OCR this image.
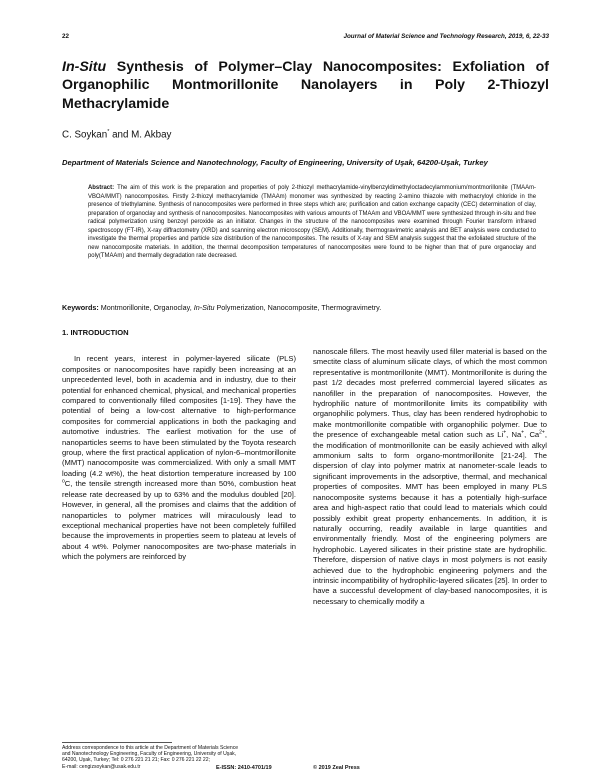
22	Journal of Material Science and Technology Research, 2019, 6, 22-33
In-Situ Synthesis of Polymer–Clay Nanocomposites: Exfoliation of Organophilic Montmorillonite Nanolayers in Poly 2-Thiozyl Methacrylamide
C. Soykan* and M. Akbay
Department of Materials Science and Nanotechnology, Faculty of Engineering, University of Uşak, 64200-Uşak, Turkey
Abstract: The aim of this work is the preparation and properties of poly 2-thiozyl methacrylamide-vinylbenzyldimethyloctadecylammonium/montmorillonite (TMAAm-VBOA/MMT) nanocomposites. Firstly 2-thiozyl methacrylamide (TMAAm) monomer was synthesized by reacting 2-amino thiazole with methacryloyl chloride in the presence of triethylamine. Synthesis of nanocomposites were performed in three steps which are; purification and cation exchange capacity (CEC) determination of clay, preparation of organoclay and synthesis of nanocomposites. Nanocomposites with various amounts of TMAAm and VBOA/MMT were synthesized through in-situ and free radical polymerization using benzoyl peroxide as an initiator. Changes in the structure of the nanocomposites were examined through Fourier transform infrared spectroscopy (FT-IR), X-ray diffractometry (XRD) and scanning electron microscopy (SEM). Additionally, thermogravimetric analysis and BET analysis were conducted to investigate the thermal properties and particle size distribution of the nanocomposites. The results of X-ray and SEM analysis suggest that the exfoliated structure of the new nanocomposite materials. In addition, the thermal decomposition temperatures of nanocomposites were found to be higher than that of pure organoclay and poly(TMAAm) and thermally degradation rate decreased.
Keywords: Montmorillonite, Organoclay, In-Situ Polymerization, Nanocomposite, Thermogravimetry.
1. INTRODUCTION

In recent years, interest in polymer-layered silicate (PLS) composites or nanocomposites have rapidly been increasing at an unprecedented level, both in academia and in industry, due to their potential for enhanced chemical, physical, and mechanical properties compared to conventionally filled composites [1-19]. They have the potential of being a low-cost alternative to high-performance composites for commercial applications in both the packaging and automotive industries. The earliest motivation for the use of nanoparticles seems to have been stimulated by the Toyota research group, where the first practical application of nylon-6–montmorillonite (MMT) nanocomposite was commercialized. With only a small MMT loading (4.2 wt%), the heat distortion temperature increased by 100 $^o$C, the tensile strength increased more than 50%, combustion heat release rate decreased by up to 63% and the modulus doubled [20]. However, in general, all the promises and claims that the addition of nanoparticles to polymer matrices will miraculously lead to exceptional mechanical properties have not been completely fulfilled because the improvements in properties seem to plateau at levels of about 4 wt%. Polymer nanocomposites are two-phase materials in which the polymers are reinforced by

nanoscale fillers. The most heavily used filler material is based on the smectite class of aluminum silicate clays, of which the most common representative is montmorillonite (MMT). Montmorillonite is during the past 1/2 decades most preferred commercial layered silicates as nanofiller in the preparation of nanocomposites. However, the hydrophilic nature of montmorillonite limits its compatibility with organophilic polymers. Thus, clay has been rendered hydrophobic to make montmorillonite compatible with organophilic polymer. Due to the presence of exchangeable metal cation such as Li+, Na+, $Ca^{2+}$, the modification of montmorillonite can be easily achieved with alkyl ammonium salts to form organo-montmorillonite [21-24]. The dispersion of clay into polymer matrix at nanometer-scale leads to significant improvements in the adsorptive, thermal, and mechanical properties of composites. MMT has been employed in many PLS nanocomposite systems because it has a potentially high-surface area and high-aspect ratio that could lead to materials which could possibly exhibit great property enhancements. In addition, it is naturally occurring, readily available in large quantities and environmentally friendly. Most of the engineering polymers are hydrophobic. Layered silicates in their pristine state are hydrophilic. Therefore, dispersion of native clays in most polymers is not easily achieved due to the hydrophobic engineering polymers and the intrinsic incompatibility of hydrophilic-layered silicates [25]. In order to have a successful development of clay-based nanocomposites, it is necessary to chemically modify a

Address correspondence to this article at the Department of Materials Science
and Nanotechnology Engineering, Faculty of Engineering, University of Uşak,
64200, Uşak, Turkey; Tel: 0 276 221 21 21; Fax: 0 276 221 22 22;
E-mail: cengizsoykan@usak.edu.tr	E-ISSN: 2410-4701/19	© 2019 Zeal Press
